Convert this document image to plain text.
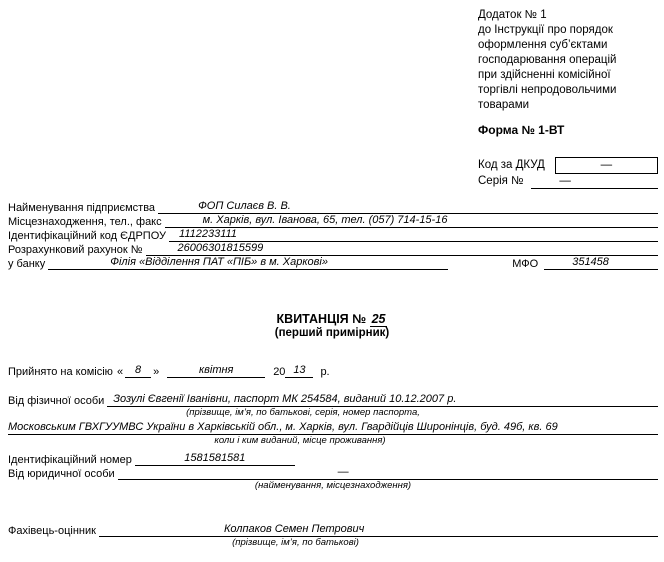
Додаток № 1
до Інструкції про порядок
оформлення суб’єктами
господарювання операцій
при здійсненні комісійної
торгівлі непродовольчими
товарами
Форма № 1-ВТ
Код за ДКУД	—
Серія №	—
Найменування підприємства	ФОП Силаєв В. В.
Місцезнаходження, тел., факс	м. Харків, вул. Іванова, 65, тел. (057) 714-15-16
Ідентифікаційний код ЄДРПОУ	1112233111
Розрахунковий рахунок №	26006301815599
у банку	Філія «Відділення ПАТ «ПІБ» в м. Харкові»	МФО	351458
КВИТАНЦІЯ № 25
(перший примірник)
Прийнято на комісію «	8	»	квітня	20 13	р.
Від фізичної особи Зозулі Євгенії Іванівни, паспорт МК 254584, виданий 10.12.2007 р.
(прізвище, ім’я, по батькові, серія, номер паспорта,
Московським ГВХГУУМВС України в Харківській обл., м. Харків, вул. Гвардійців Широнінців, буд. 49б, кв. 69
коли і ким виданий, місце проживання)
Ідентифікаційний номер	1581581581
Від юридичної особи	—
(найменування, місцезнаходження)
Фахівець-оцінник	Колпаков Семен Петрович
(прізвище, ім’я, по батькові)
